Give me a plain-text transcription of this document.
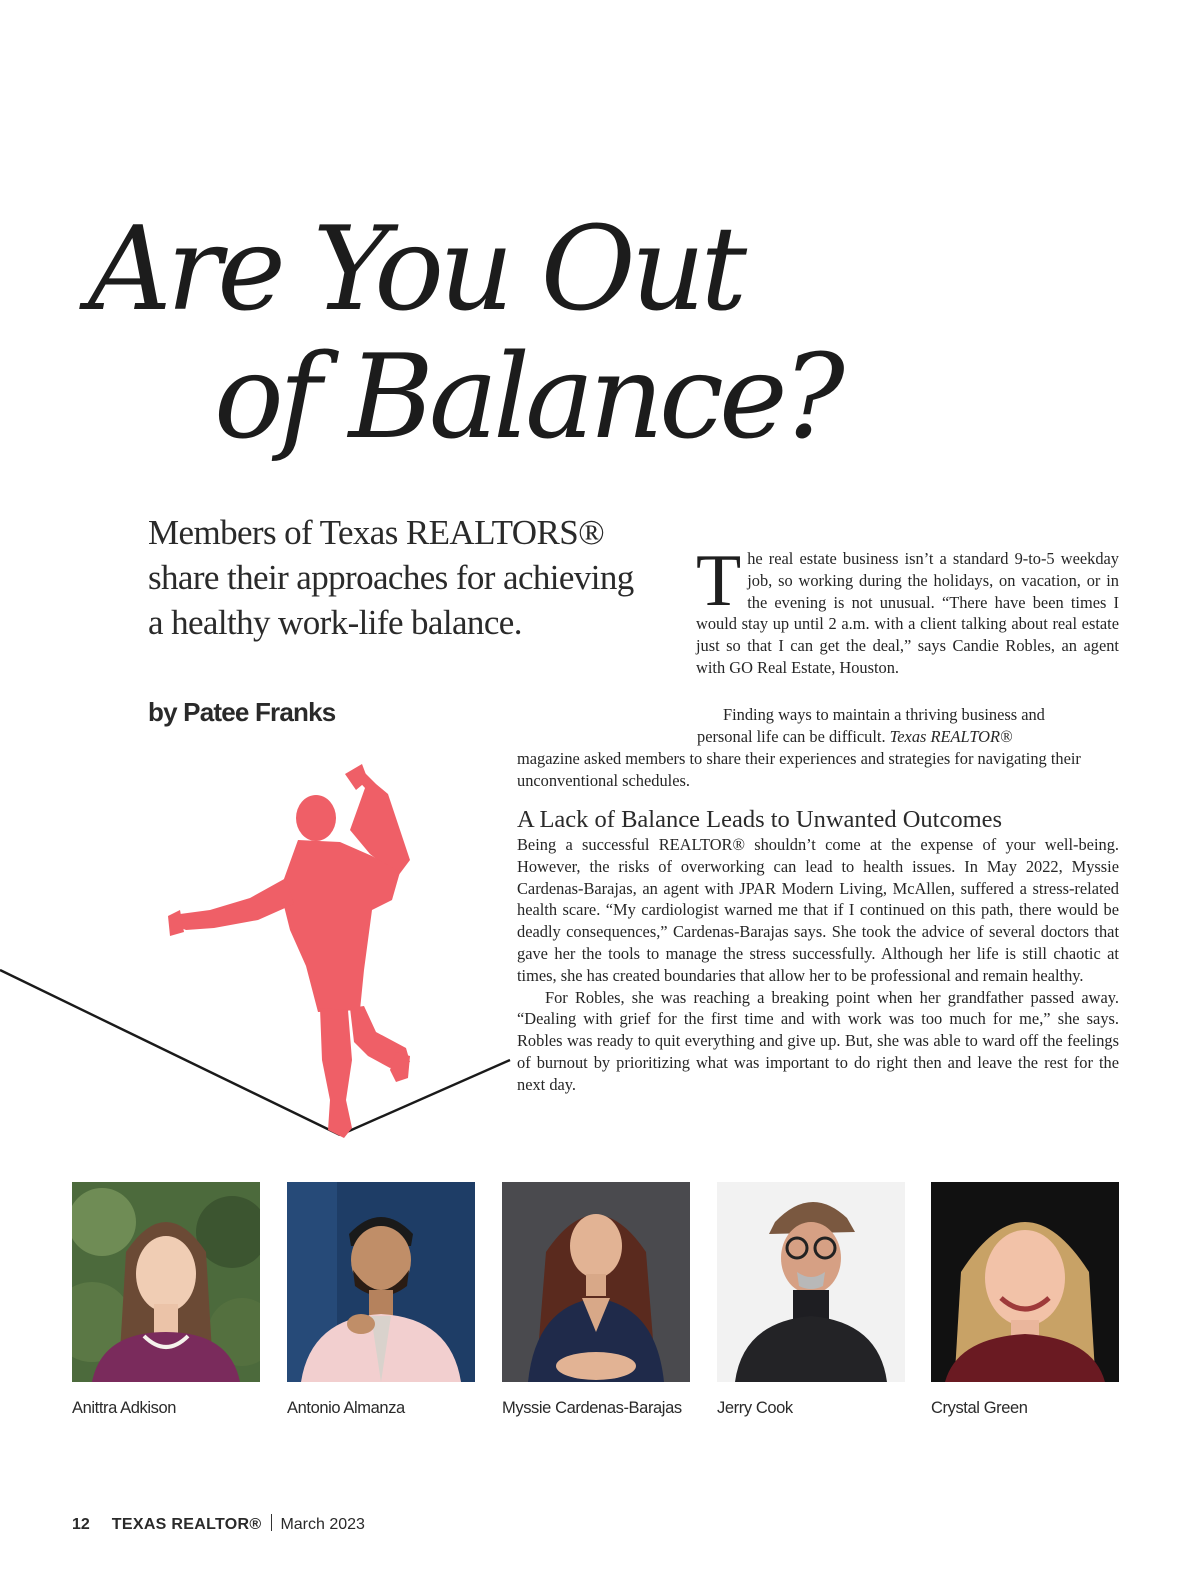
Are You Out
of Balance?
Members of Texas REALTORS® share their approaches for achieving a healthy work-life balance.
by Patee Franks
The real estate business isn’t a standard 9-to-5 weekday job, so working during the holidays, on vacation, or in the evening is not unusual. “There have been times I would stay up until 2 a.m. with a client talking about real estate just so that I can get the deal,” says Candie Robles, an agent with GO Real Estate, Houston.

Finding ways to maintain a thriving business and personal life can be difficult. Texas REALTOR®

magazine asked members to share their experiences and strategies for navigating their unconventional schedules.

A Lack of Balance Leads to Unwanted Outcomes

Being a successful REALTOR® shouldn’t come at the expense of your well-being. However, the risks of overworking can lead to health issues. In May 2022, Myssie Cardenas-Barajas, an agent with JPAR Modern Living, McAllen, suffered a stress-related health scare. “My cardiologist warned me that if I continued on this path, there would be deadly consequences,” Cardenas-Barajas says. She took the advice of several doctors that gave her the tools to manage the stress successfully. Although her life is still chaotic at times, she has created boundaries that allow her to be professional and remain healthy.

For Robles, she was reaching a breaking point when her grandfather passed away. “Dealing with grief for the first time and with work was too much for me,” she says. Robles was ready to quit everything and give up. But, she was able to ward off the feelings of burnout by prioritizing what was important to do right then and leave the rest for the next day.

Anittra Adkison	Antonio Almanza	Myssie Cardenas-Barajas Jerry Cook	Crystal Green
12 TEXAS REALTOR® March 2023
